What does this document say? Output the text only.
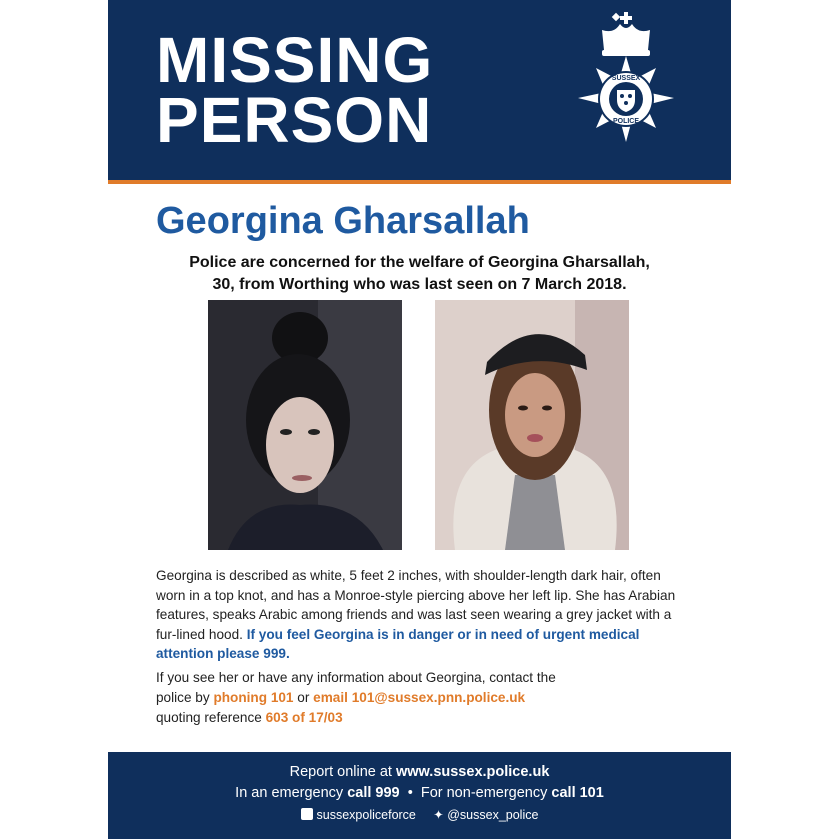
MISSING
PERSON
SUSSEX
POLICE
Georgina Gharsallah
Police are concerned for the welfare of Georgina Gharsallah,
30, from Worthing who was last seen on 7 March 2018.
Georgina is described as white, 5 feet 2 inches, with shoulder-length dark hair, often worn in a top knot, and has a Monroe-style piercing above her left lip. She has Arabian features, speaks Arabic among friends and was last seen wearing a grey jacket with a fur-lined hood. If you feel Georgina is in danger or in need of urgent medical attention please 999.
If you see her or have any information about Georgina, contact the
police by phoning 101 or email 101@sussex.pnn.police.uk
quoting reference 603 of 17/03
Report online at www.sussex.police.uk
In an emergency call 999 • For non-emergency call 101
sussexpoliceforce ✦ @sussex_police
